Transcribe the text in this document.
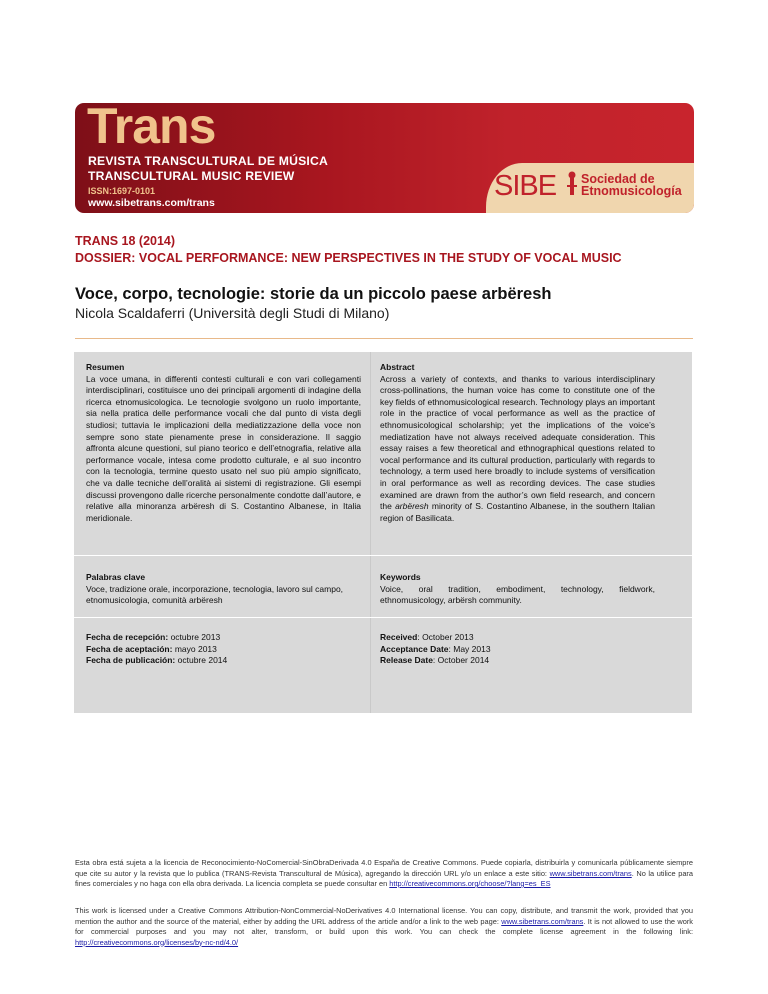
Trans
REVISTA TRANSCULTURAL DE MÚSICA
TRANSCULTURAL MUSIC REVIEW
ISSN:1697-0101
www.sibetrans.com/trans
SIBE Sociedad de
Etnomusicología
TRANS 18 (2014)
DOSSIER: VOCAL PERFORMANCE: NEW PERSPECTIVES IN THE STUDY OF VOCAL MUSIC
Voce, corpo, tecnologie: storie da un piccolo paese arbëresh
Nicola Scaldaferri (Università degli Studi di Milano)
Resumen
La voce umana, in differenti contesti culturali e con vari collegamenti interdisciplinari, costituisce uno dei principali argomenti di indagine della ricerca etnomusicologica. Le tecnologie svolgono un ruolo importante, sia nella pratica delle performance vocali che dal punto di vista degli studiosi; tuttavia le implicazioni della mediatizzazione della voce non sempre sono state pienamente prese in considerazione. Il saggio affronta alcune questioni, sul piano teorico e dell’etnografia, relative alla performance vocale, intesa come prodotto culturale, e al suo incontro con la tecnologia, termine questo usato nel suo più ampio significato, che va dalle tecniche dell’oralità ai sistemi di registrazione. Gli esempi discussi provengono dalle ricerche personalmente condotte dall’autore, e relative alla minoranza arbëresh di S. Costantino Albanese, in Italia meridionale.
Abstract
Across a variety of contexts, and thanks to various interdisciplinary cross-pollinations, the human voice has come to constitute one of the key fields of ethnomusicological research. Technology plays an important role in the practice of vocal performance as well as the practice of ethnomusicological scholarship; yet the implications of the voice’s mediatization have not always received adequate consideration. This essay raises a few theoretical and ethnographical questions related to vocal performance and its cultural production, particularly with regards to technology, a term used here broadly to include systems of versification in oral performance as well as recording devices. The case studies examined are drawn from the author’s own field research, and concern the arbëresh minority of S. Costantino Albanese, in the southern Italian region of Basilicata.
Palabras clave
Voce, tradizione orale, incorporazione, tecnologia, lavoro sul campo, etnomusicologia, comunità arbëresh
Keywords
Voice, oral tradition, embodiment, technology, fieldwork, ethnomusicology, arbërsh community.
Fecha de recepción: octubre 2013
Fecha de aceptación: mayo 2013
Fecha de publicación: octubre 2014
Received: October 2013
Acceptance Date: May 2013
Release Date: October 2014
Esta obra está sujeta a la licencia de Reconocimiento-NoComercial-SinObraDerivada 4.0 España de Creative Commons. Puede copiarla, distribuirla y comunicarla públicamente siempre que cite su autor y la revista que lo publica (TRANS-Revista Transcultural de Música), agregando la dirección URL y/o un enlace a este sitio: www.sibetrans.com/trans. No la utilice para fines comerciales y no haga con ella obra derivada. La licencia completa se puede consultar en http://creativecommons.org/choose/?lang=es_ES
This work is licensed under a Creative Commons Attribution-NonCommercial-NoDerivatives 4.0 International license. You can copy, distribute, and transmit the work, provided that you mention the author and the source of the material, either by adding the URL address of the article and/or a link to the web page: www.sibetrans.com/trans. It is not allowed to use the work for commercial purposes and you may not alter, transform, or build upon this work. You can check the complete license agreement in the following link: http://creativecommons.org/licenses/by-nc-nd/4.0/
